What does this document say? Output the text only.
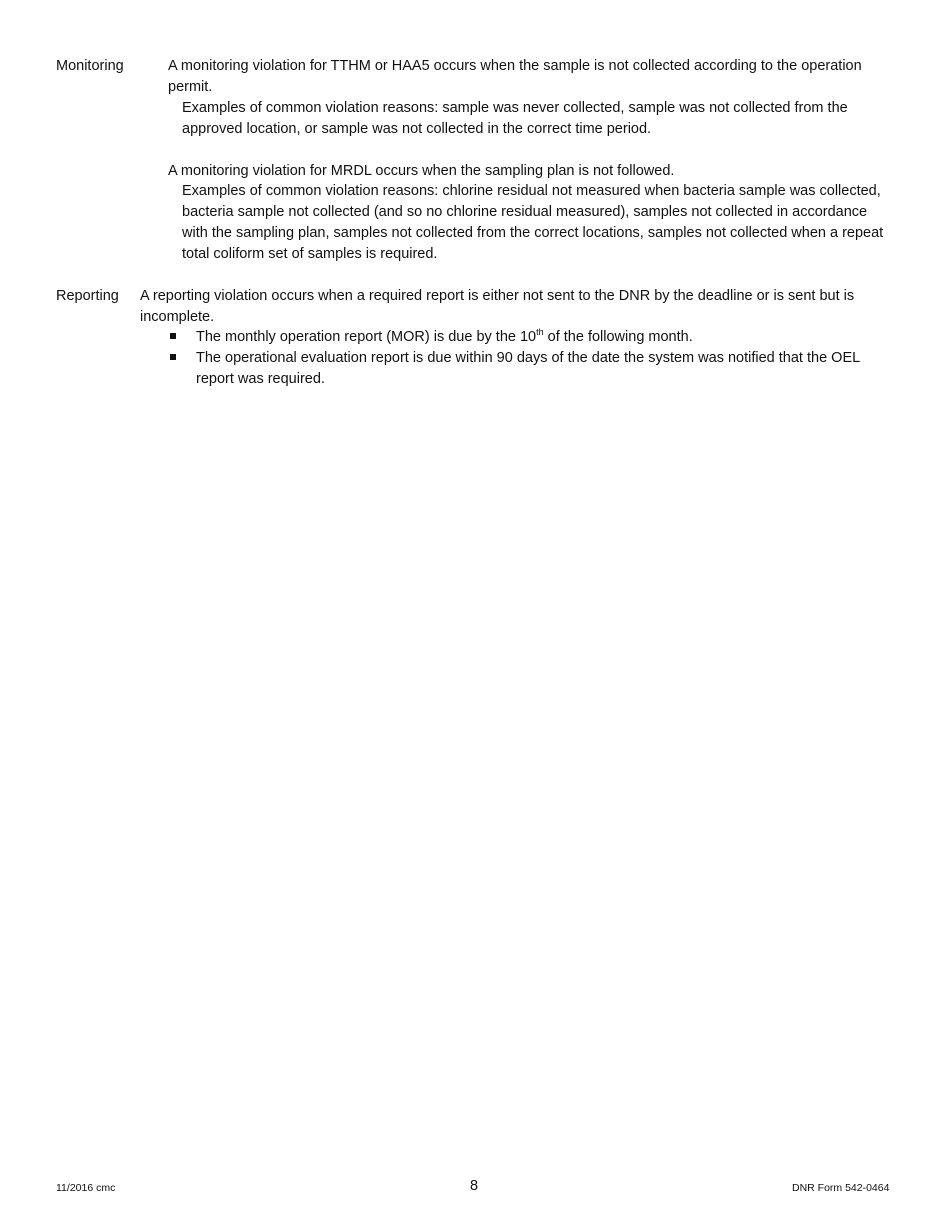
Monitoring	A monitoring violation for TTHM or HAA5 occurs when the sample is not collected according to the operation permit.
Examples of common violation reasons: sample was never collected, sample was not collected from the approved location, or sample was not collected in the correct time period.
A monitoring violation for MRDL occurs when the sampling plan is not followed.
Examples of common violation reasons: chlorine residual not measured when bacteria sample was collected, bacteria sample not collected (and so no chlorine residual measured), samples not collected in accordance with the sampling plan, samples not collected from the correct locations, samples not collected when a repeat total coliform set of samples is required.
Reporting A reporting violation occurs when a required report is either not sent to the DNR by the deadline or is sent but is incomplete.
The monthly operation report (MOR) is due by the 10th of the following month.
The operational evaluation report is due within 90 days of the date the system was notified that the OEL report was required.
11/2016 cmc	8	DNR Form 542-0464
